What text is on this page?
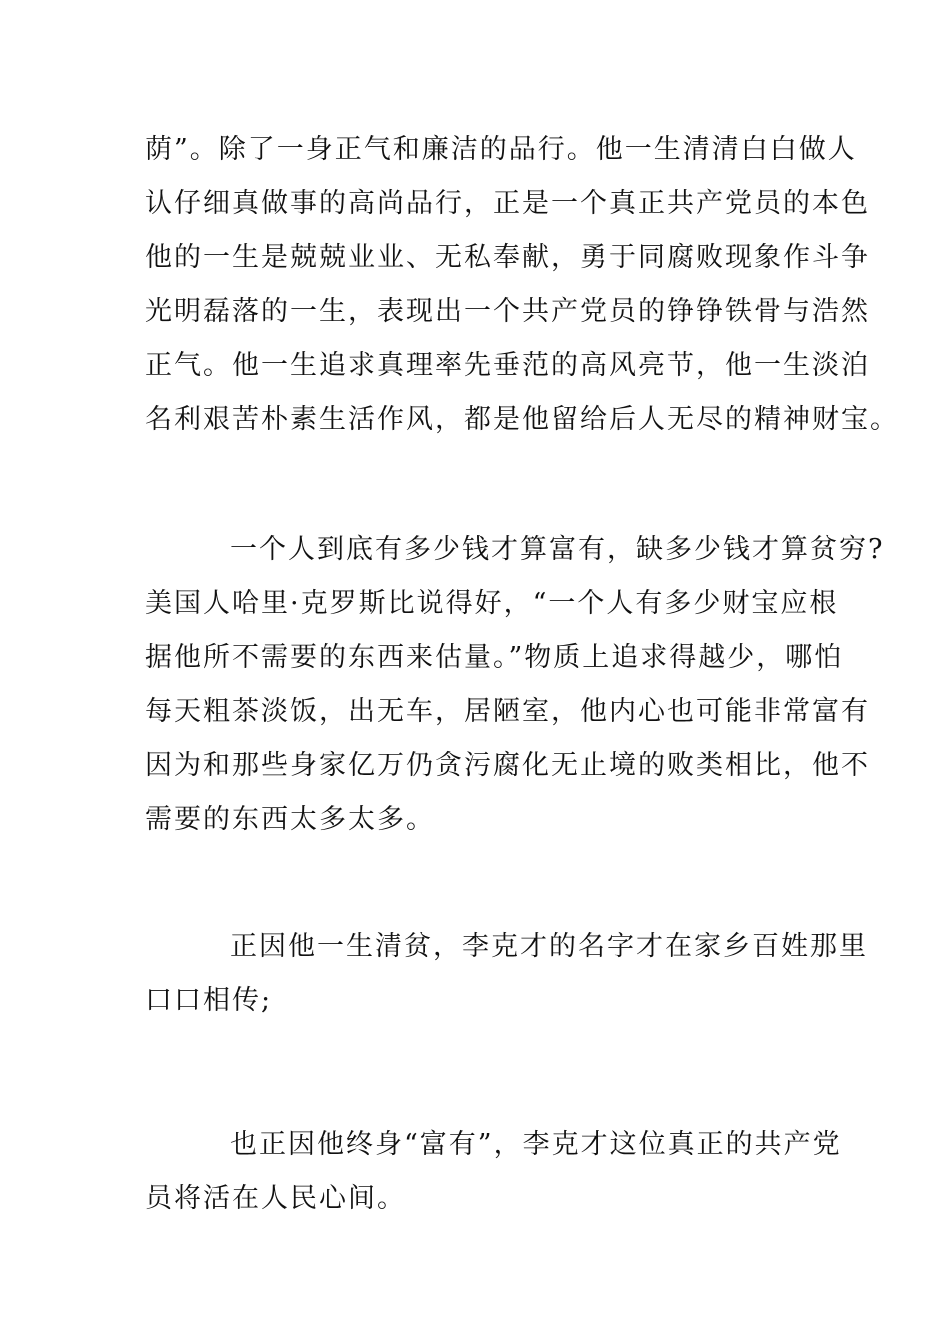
荫”。除了一身正气和廉洁的品行。他一生清清白白做人
认仔细真做事的高尚品行，正是一个真正共产党员的本色
他的一生是兢兢业业、无私奉献，勇于同腐败现象作斗争
光明磊落的一生，表现出一个共产党员的铮铮铁骨与浩然
正气。他一生追求真理率先垂范的高风亮节，他一生淡泊
名利艰苦朴素生活作风，都是他留给后人无尽的精神财宝。
一个人到底有多少钱才算富有，缺多少钱才算贫穷?
美国人哈里·克罗斯比说得好，“一个人有多少财宝应根
据他所不需要的东西来估量。”物质上追求得越少，哪怕
每天粗茶淡饭，出无车，居陋室，他内心也可能非常富有
因为和那些身家亿万仍贪污腐化无止境的败类相比，他不
需要的东西太多太多。
正因他一生清贫，李克才的名字才在家乡百姓那里
口口相传;
也正因他终身“富有”，李克才这位真正的共产党
员将活在人民心间。
